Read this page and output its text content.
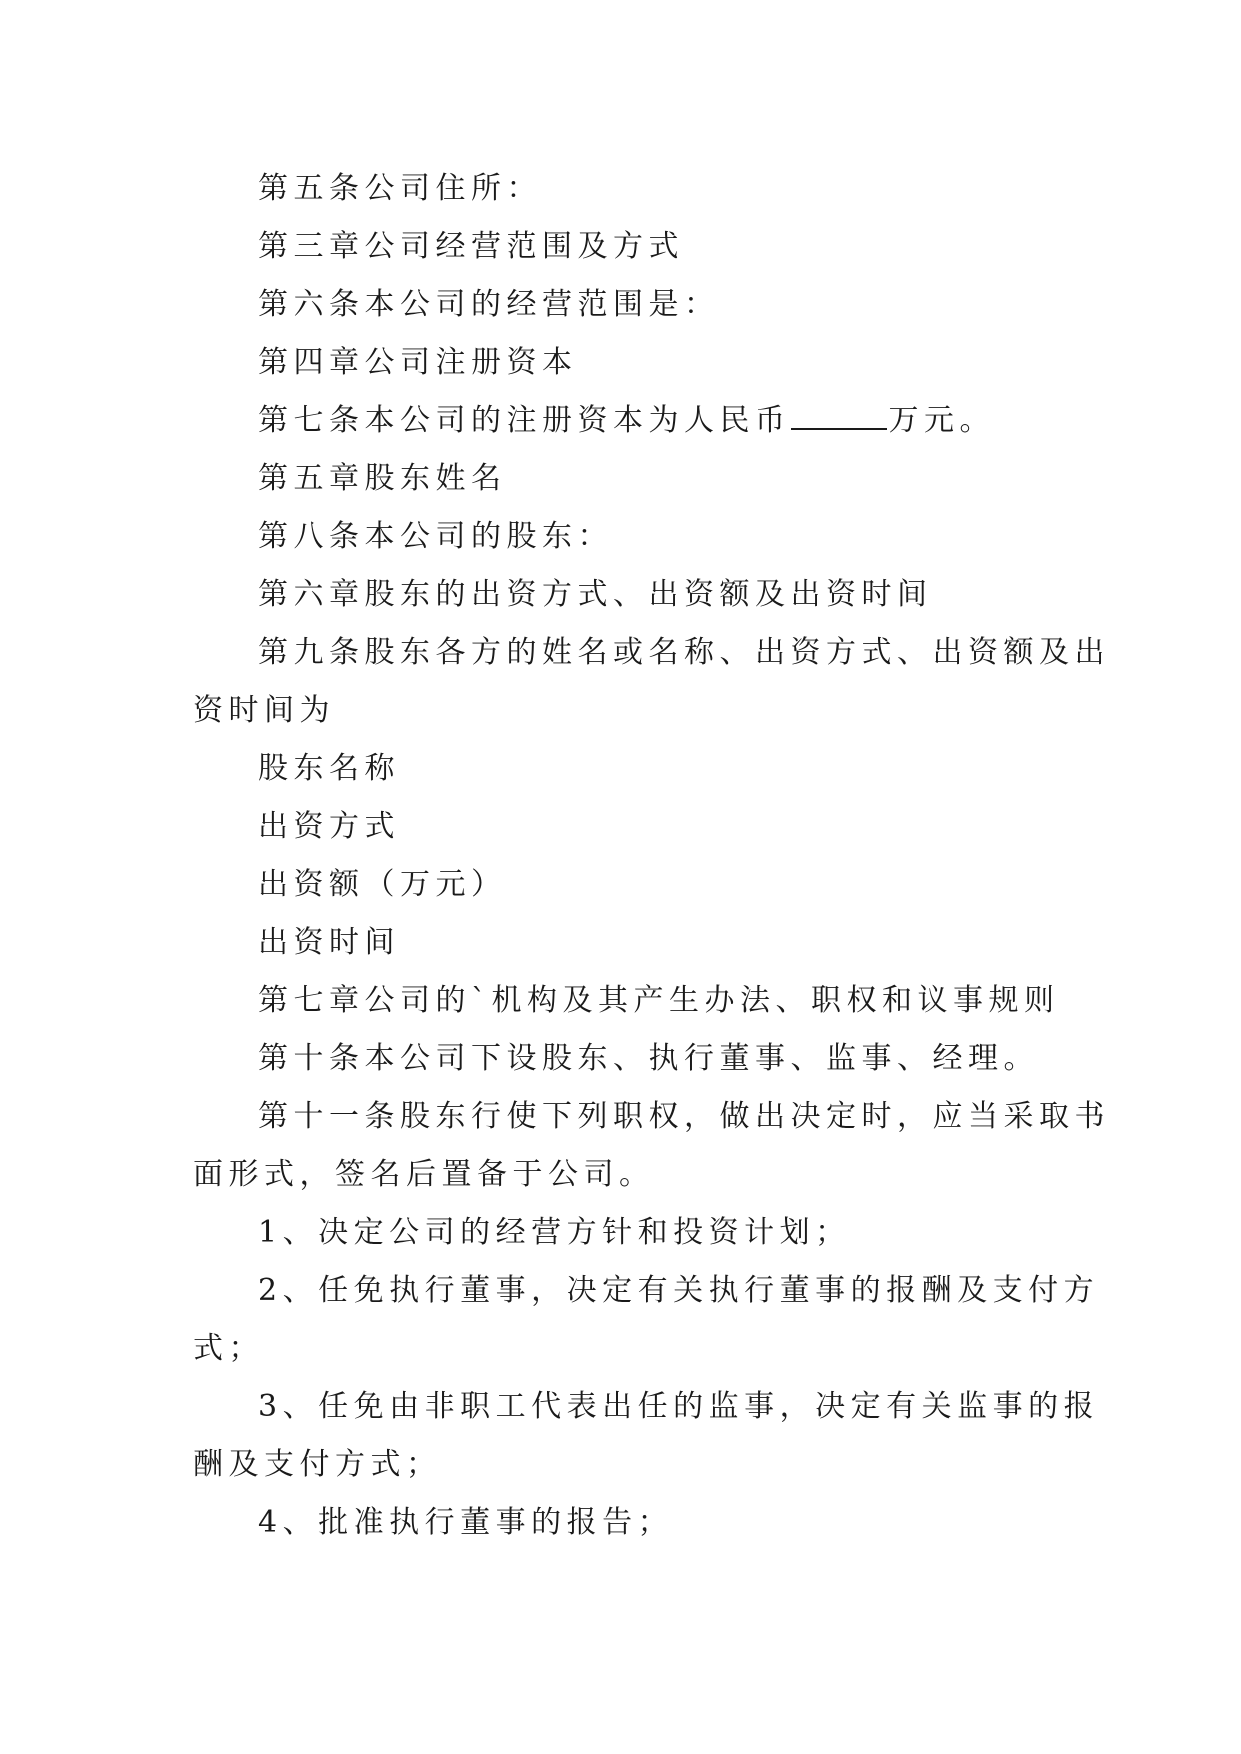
第五条公司住所：

第三章公司经营范围及方式

第六条本公司的经营范围是：

第四章公司注册资本

第七条本公司的注册资本为人民币	万元。

第五章股东姓名

第八条本公司的股东：

第六章股东的出资方式、出资额及出资时间

第九条股东各方的姓名或名称、出资方式、出资额及出

资时间为

股东名称

出资方式

出资额（万元）

出资时间

第七章公司的`机构及其产生办法、职权和议事规则

第十条本公司下设股东、执行董事、监事、经理。

第十一条股东行使下列职权，做出决定时，应当采取书

面形式，签名后置备于公司。

1、决定公司的经营方针和投资计划；

2、任免执行董事，决定有关执行董事的报酬及支付方

式；

3、任免由非职工代表出任的监事，决定有关监事的报

酬及支付方式；

4、批准执行董事的报告；
